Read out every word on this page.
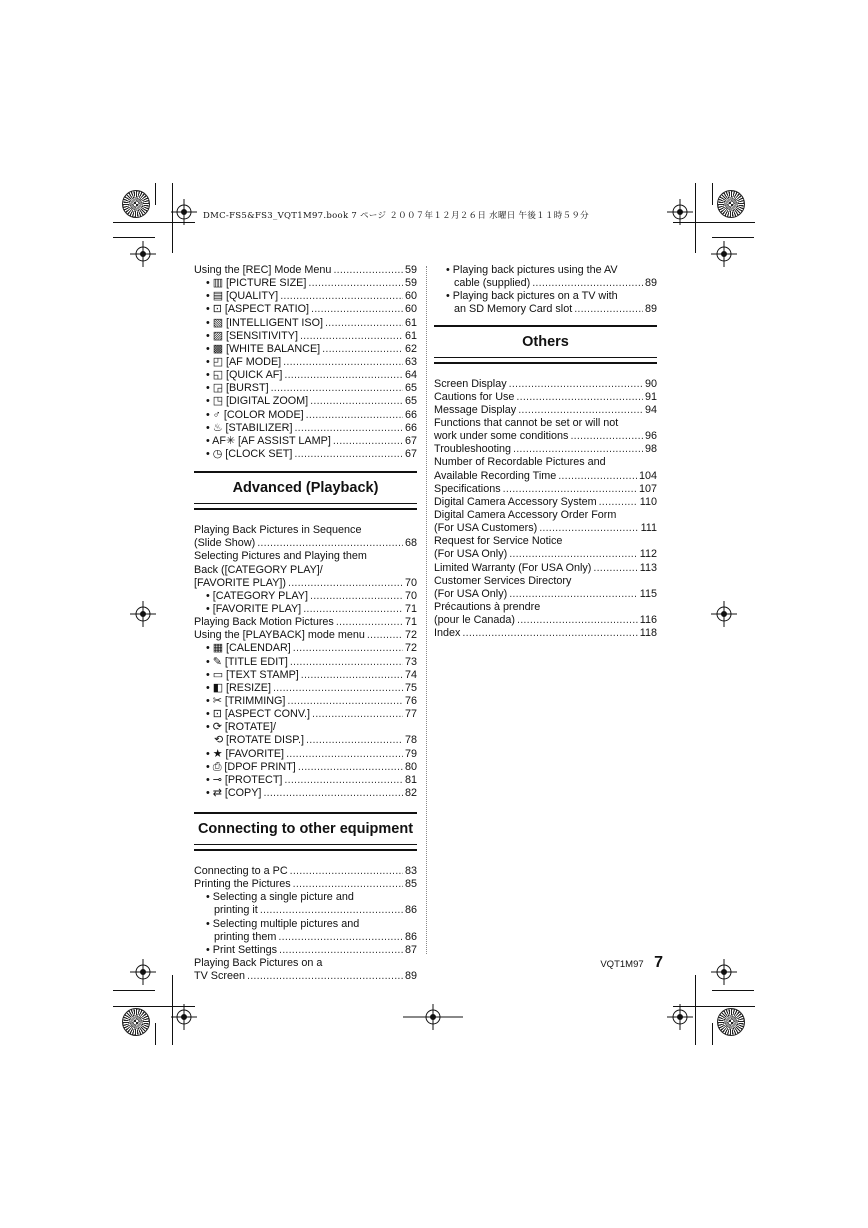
DMC-FS5&FS3_VQT1M97.book 7 ページ ２００７年１２月２６日 水曜日 午後１１時５９分
Using the [REC] Mode Menu .....	59
• ▥ [PICTURE SIZE] .....	59
• ▤ [QUALITY] .....	60
• ⊡ [ASPECT RATIO] .....	60
• ▧ [INTELLIGENT ISO] .....	61
• ▨ [SENSITIVITY] .....	61
• ▩ [WHITE BALANCE] .....	62
• ◰ [AF MODE] .....	63
• ◱ [QUICK AF] .....	64
• ◲ [BURST] .....	65
• ◳ [DIGITAL ZOOM] .....	65
• ♂ [COLOR MODE] .....	66
• ♨ [STABILIZER] .....	66
• AF✳ [AF ASSIST LAMP] .....	67
• ◷ [CLOCK SET] .....	67
Advanced (Playback)
Playing Back Pictures in Sequence
(Slide Show) .....	68
Selecting Pictures and Playing them
Back ([CATEGORY PLAY]/
[FAVORITE PLAY]) .....	70
• [CATEGORY PLAY] .....	70
• [FAVORITE PLAY] .....	71
Playing Back Motion Pictures .....	71
Using the [PLAYBACK] mode menu .....	72
• ▦ [CALENDAR] .....	72
• ✎ [TITLE EDIT] .....	73
• ▭ [TEXT STAMP] .....	74
• ◧ [RESIZE] .....	75
• ✂ [TRIMMING] .....	76
• ⊡ [ASPECT CONV.] .....	77
• ⟳ [ROTATE]/
⟲ [ROTATE DISP.] .....	78
• ★ [FAVORITE] .....	79
• ⎙ [DPOF PRINT] .....	80
• ⊸ [PROTECT] .....	81
• ⇄ [COPY] .....	82
Connecting to other equipment
Connecting to a PC .....	83
Printing the Pictures .....	85
• Selecting a single picture and
printing it .....	86
• Selecting multiple pictures and
printing them .....	86
• Print Settings .....	87
Playing Back Pictures on a
TV Screen .....	89
• Playing back pictures using the AV
cable (supplied) .....	89
• Playing back pictures on a TV with
an SD Memory Card slot .....	89
Others
Screen Display .....	90
Cautions for Use .....	91
Message Display .....	94
Functions that cannot be set or will not
work under some conditions .....	96
Troubleshooting .....	98
Number of Recordable Pictures and
Available Recording Time .....	104
Specifications .....	107
Digital Camera Accessory System .....	110
Digital Camera Accessory Order Form
(For USA Customers) .....	111
Request for Service Notice
(For USA Only) .....	112
Limited Warranty (For USA Only) .....	113
Customer Services Directory
(For USA Only) .....	115
Précautions à prendre
(pour le Canada) .....	116
Index .....	118
VQT1M97 7
